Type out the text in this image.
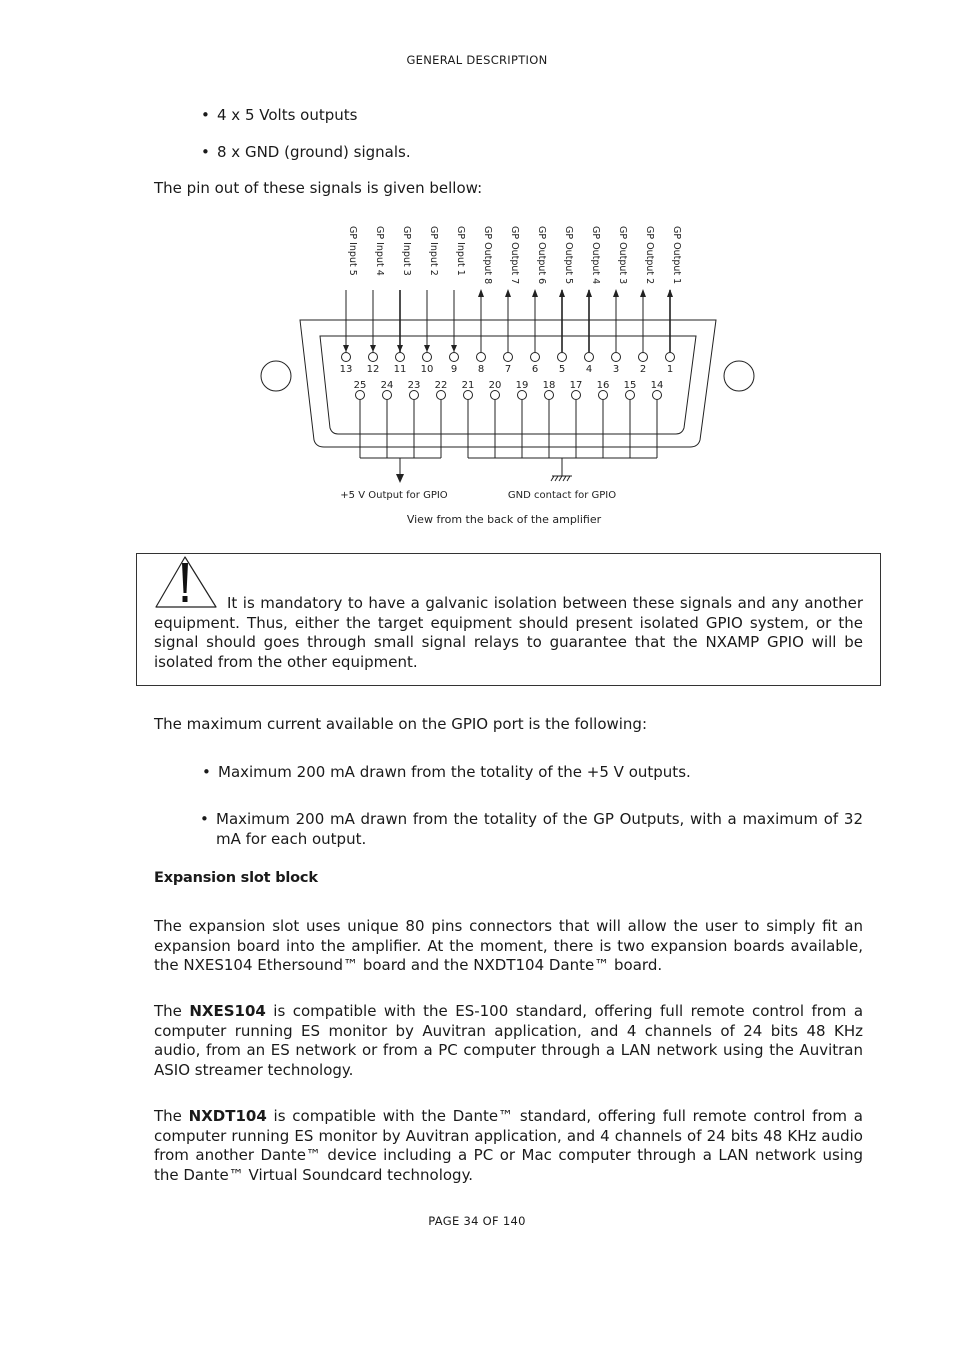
GENERAL DESCRIPTION
• 4 x 5 Volts outputs
• 8 x GND (ground) signals.
The pin out of these signals is given bellow:
GP Input 5 GP Input 4 GP Input 3 GP Input 2 GP Input 1 GP Output 8 GP Output 7 GP Output 6 GP Output 5 GP Output 4 GP Output 3 GP Output 2 GP Output 1
13 12 11 10 9 8 7 6 5 4 3 2 1
25 24 23 22 21 20 19 18 17 16 15 14
+5 V Output for GPIO	GND contact for GPIO
View from the back of the amplifier
It is mandatory to have a galvanic isolation between these signals and any another equipment. Thus, either the target equipment should present isolated GPIO system, or the signal should goes through small signal relays to guarantee that the NXAMP GPIO will be isolated from the other equipment.
The maximum current available on the GPIO port is the following:
• Maximum 200 mA drawn from the totality of the +5 V outputs.
• Maximum 200 mA drawn from the totality of the GP Outputs, with a maximum of 32 mA for each output.
Expansion slot block
The expansion slot uses unique 80 pins connectors that will allow the user to simply fit an expansion board into the amplifier. At the moment, there is two expansion boards available, the NXES104 Ethersound™ board and the NXDT104 Dante™ board.
The NXES104 is compatible with the ES-100 standard, offering full remote control from a computer running ES monitor by Auvitran application, and 4 channels of 24 bits 48 KHz audio, from an ES network or from a PC computer through a LAN network using the Auvitran ASIO streamer technology.
The NXDT104 is compatible with the Dante™ standard, offering full remote control from a computer running ES monitor by Auvitran application, and 4 channels of 24 bits 48 KHz audio from another Dante™ device including a PC or Mac computer through a LAN network using the Dante™ Virtual Soundcard technology.
PAGE 34 OF 140
